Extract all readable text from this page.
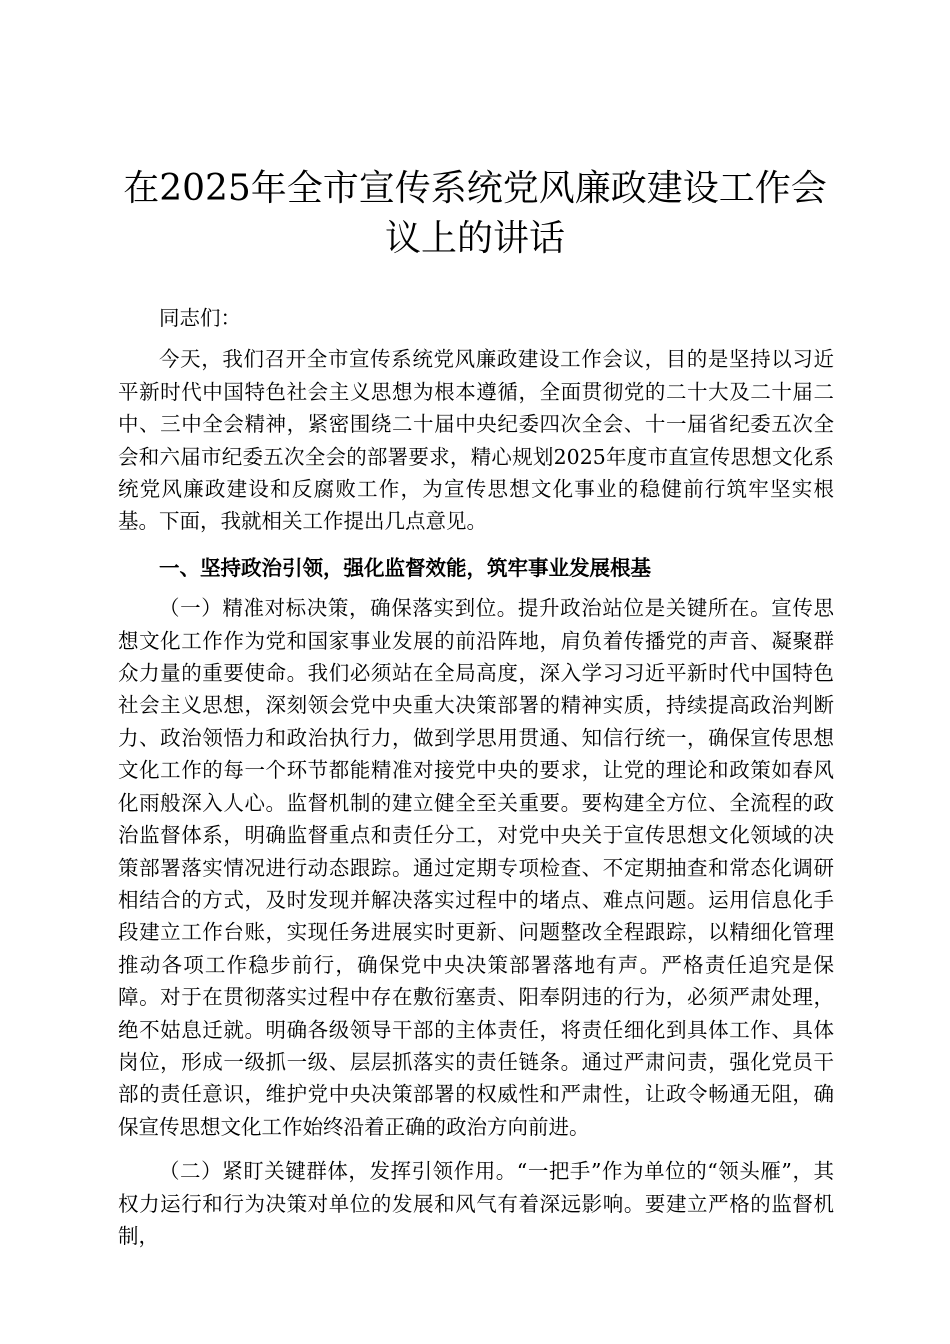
在2025年全市宣传系统党风廉政建设工作会议上的讲话

同志们：

今天，我们召开全市宣传系统党风廉政建设工作会议，目的是坚持以习近平新时代中国特色社会主义思想为根本遵循，全面贯彻党的二十大及二十届二中、三中全会精神，紧密围绕二十届中央纪委四次全会、十一届省纪委五次全会和六届市纪委五次全会的部署要求，精心规划2025年度市直宣传思想文化系统党风廉政建设和反腐败工作，为宣传思想文化事业的稳健前行筑牢坚实根基。下面，我就相关工作提出几点意见。

一、坚持政治引领，强化监督效能，筑牢事业发展根基

（一）精准对标决策，确保落实到位。提升政治站位是关键所在。宣传思想文化工作作为党和国家事业发展的前沿阵地，肩负着传播党的声音、凝聚群众力量的重要使命。我们必须站在全局高度，深入学习习近平新时代中国特色社会主义思想，深刻领会党中央重大决策部署的精神实质，持续提高政治判断力、政治领悟力和政治执行力，做到学思用贯通、知信行统一，确保宣传思想文化工作的每一个环节都能精准对接党中央的要求，让党的理论和政策如春风化雨般深入人心。监督机制的建立健全至关重要。要构建全方位、全流程的政治监督体系，明确监督重点和责任分工，对党中央关于宣传思想文化领域的决策部署落实情况进行动态跟踪。通过定期专项检查、不定期抽查和常态化调研相结合的方式，及时发现并解决落实过程中的堵点、难点问题。运用信息化手段建立工作台账，实现任务进展实时更新、问题整改全程跟踪，以精细化管理推动各项工作稳步前行，确保党中央决策部署落地有声。严格责任追究是保障。对于在贯彻落实过程中存在敷衍塞责、阳奉阴违的行为，必须严肃处理，绝不姑息迁就。明确各级领导干部的主体责任，将责任细化到具体工作、具体岗位，形成一级抓一级、层层抓落实的责任链条。通过严肃问责，强化党员干部的责任意识，维护党中央决策部署的权威性和严肃性，让政令畅通无阻，确保宣传思想文化工作始终沿着正确的政治方向前进。

（二）紧盯关键群体，发挥引领作用。“一把手”作为单位的“领头雁”，其权力运行和行为决策对单位的发展和风气有着深远影响。要建立严格的监督机制，
